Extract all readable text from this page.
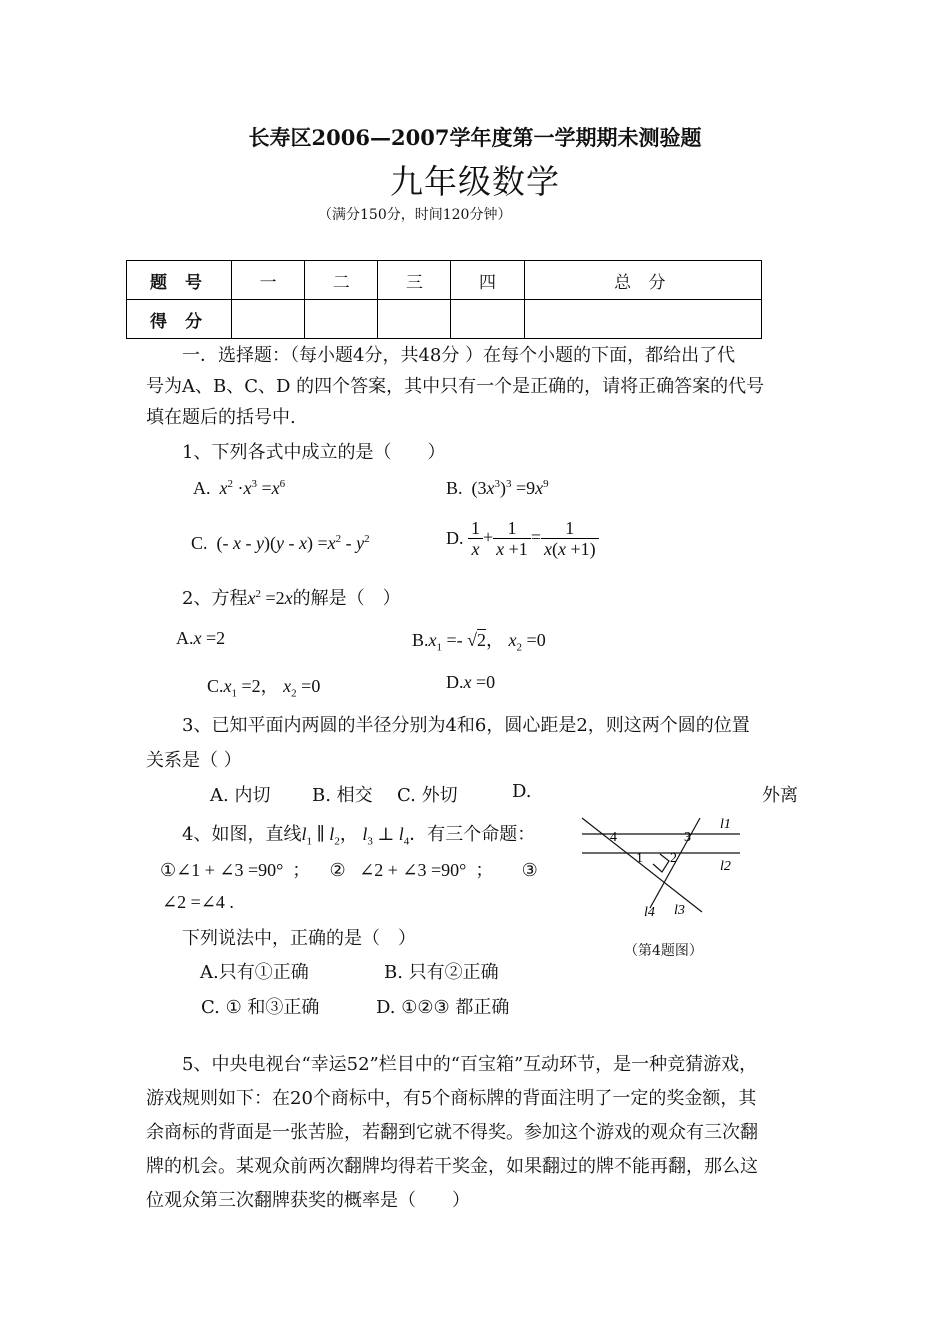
长寿区2006—2007学年度第一学期期未测验题
九年级数学
（满分150分，时间120分钟）
题 号	一	二	三	四	总 分
得 分					
一．选择题：（每小题4分，共48分 ）在每个小题的下面，都给出了代
号为A、B、C、D 的四个答案，其中只有一个是正确的，请将正确答案的代号
填在题后的括号中.
1、下列各式中成立的是（　　）
A. $x^2 \cdot x^3 =x^6$	B.  $(3x^3)^3 =9x^9$
C.  (- $x - y)(y - x) =x^2 - y^2$	D. $\frac{1}{x} + \frac{1}{x +1} = \frac{1}{x(x +1)}$
2、方程$x^2 =2x$的解是（　）
A.x =2	$B.x_1 =- √2$， $x_2 =0$
$C.x_1 =2$， $x_2 =0$	D.x =0
3、已知平面内两圆的半径分别为4和6，圆心距是2，则这两个圆的位置
关系是（ ）
A. 内切 B. 相交 C. 外切	D.	外离
4、如图，直线$l_1$ ∥ $l_2$， $l_3$ ⊥ $l_4$．有三个命题：
①∠1 + ∠3 =90°  ；    ②   ∠2 + ∠3 =90°  ；      ③
∠2 =∠4 .
下列说法中，正确的是（　）
A.只有①正确	B. 只有②正确
C. ① 和③正确	D. ①②③ 都正确
4	3
1 2
l1
l2
l3
l4
（第4题图）
5、中央电视台“幸运52”栏目中的“百宝箱”互动环节，是一种竞猜游戏，
游戏规则如下：在20个商标中，有5个商标牌的背面注明了一定的奖金额，其
余商标的背面是一张苦脸，若翻到它就不得奖。参加这个游戏的观众有三次翻
牌的机会。某观众前两次翻牌均得若干奖金，如果翻过的牌不能再翻，那么这
位观众第三次翻牌获奖的概率是（　　）
